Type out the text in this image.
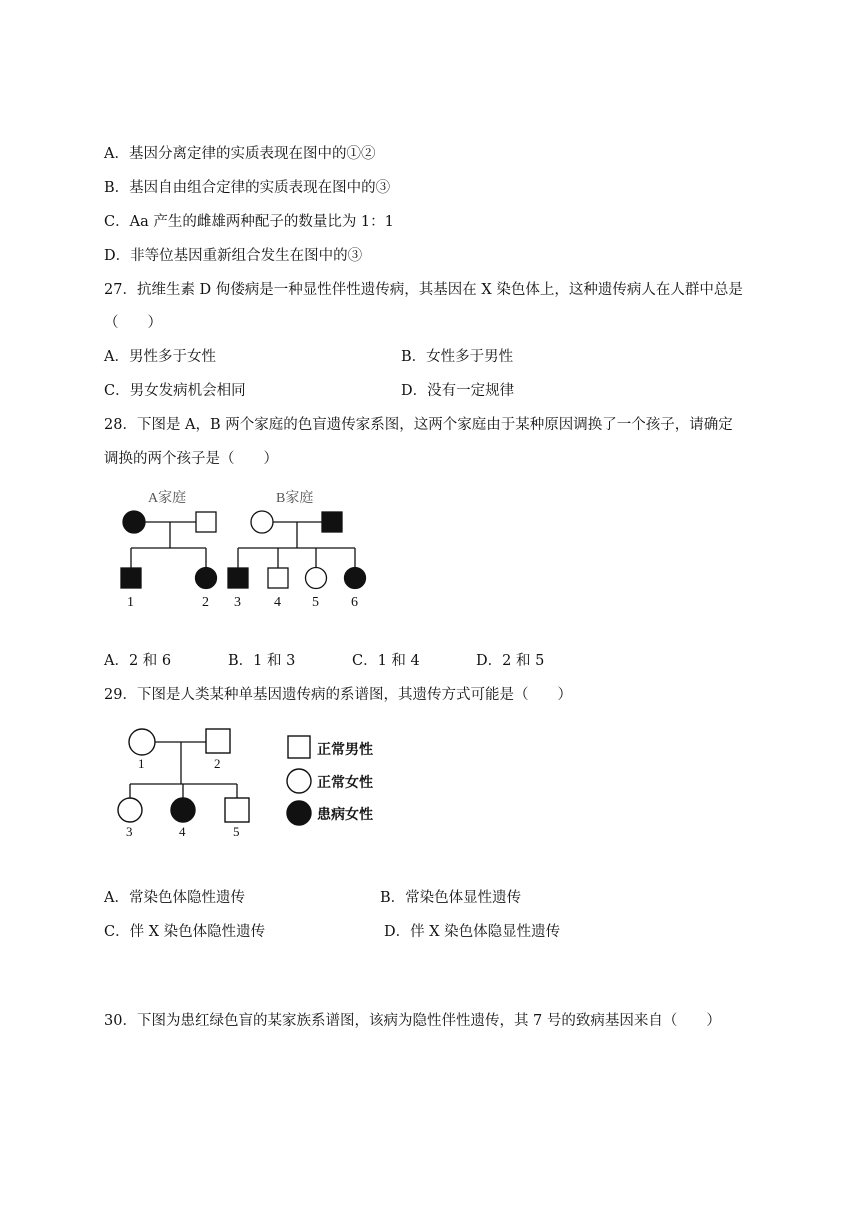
A．基因分离定律的实质表现在图中的①②
B．基因自由组合定律的实质表现在图中的③
C．Aa 产生的雌雄两种配子的数量比为 1：1
D．非等位基因重新组合发生在图中的③
27．抗维生素 D 佝偻病是一种显性伴性遗传病，其基因在 X 染色体上，这种遗传病人在人群中总是
（　　）
A．男性多于女性	B．女性多于男性
C．男女发病机会相同	D．没有一定规律
28．下图是 A，B 两个家庭的色盲遗传家系图，这两个家庭由于某种原因调换了一个孩子，请确定
调换的两个孩子是（　　）
A家庭	B家庭
1	2 3 4 5 6
A．2 和 6	B．1 和 3	C．1 和 4	D．2 和 5
29．下图是人类某种单基因遗传病的系谱图，其遗传方式可能是（　　）
1	2
3	4	5
正常男性
正常女性
患病女性
A．常染色体隐性遗传	B．常染色体显性遗传
C．伴 X 染色体隐性遗传	D．伴 X 染色体隐显性遗传
30．下图为患红绿色盲的某家族系谱图，该病为隐性伴性遗传，其 7 号的致病基因来自（　　）
